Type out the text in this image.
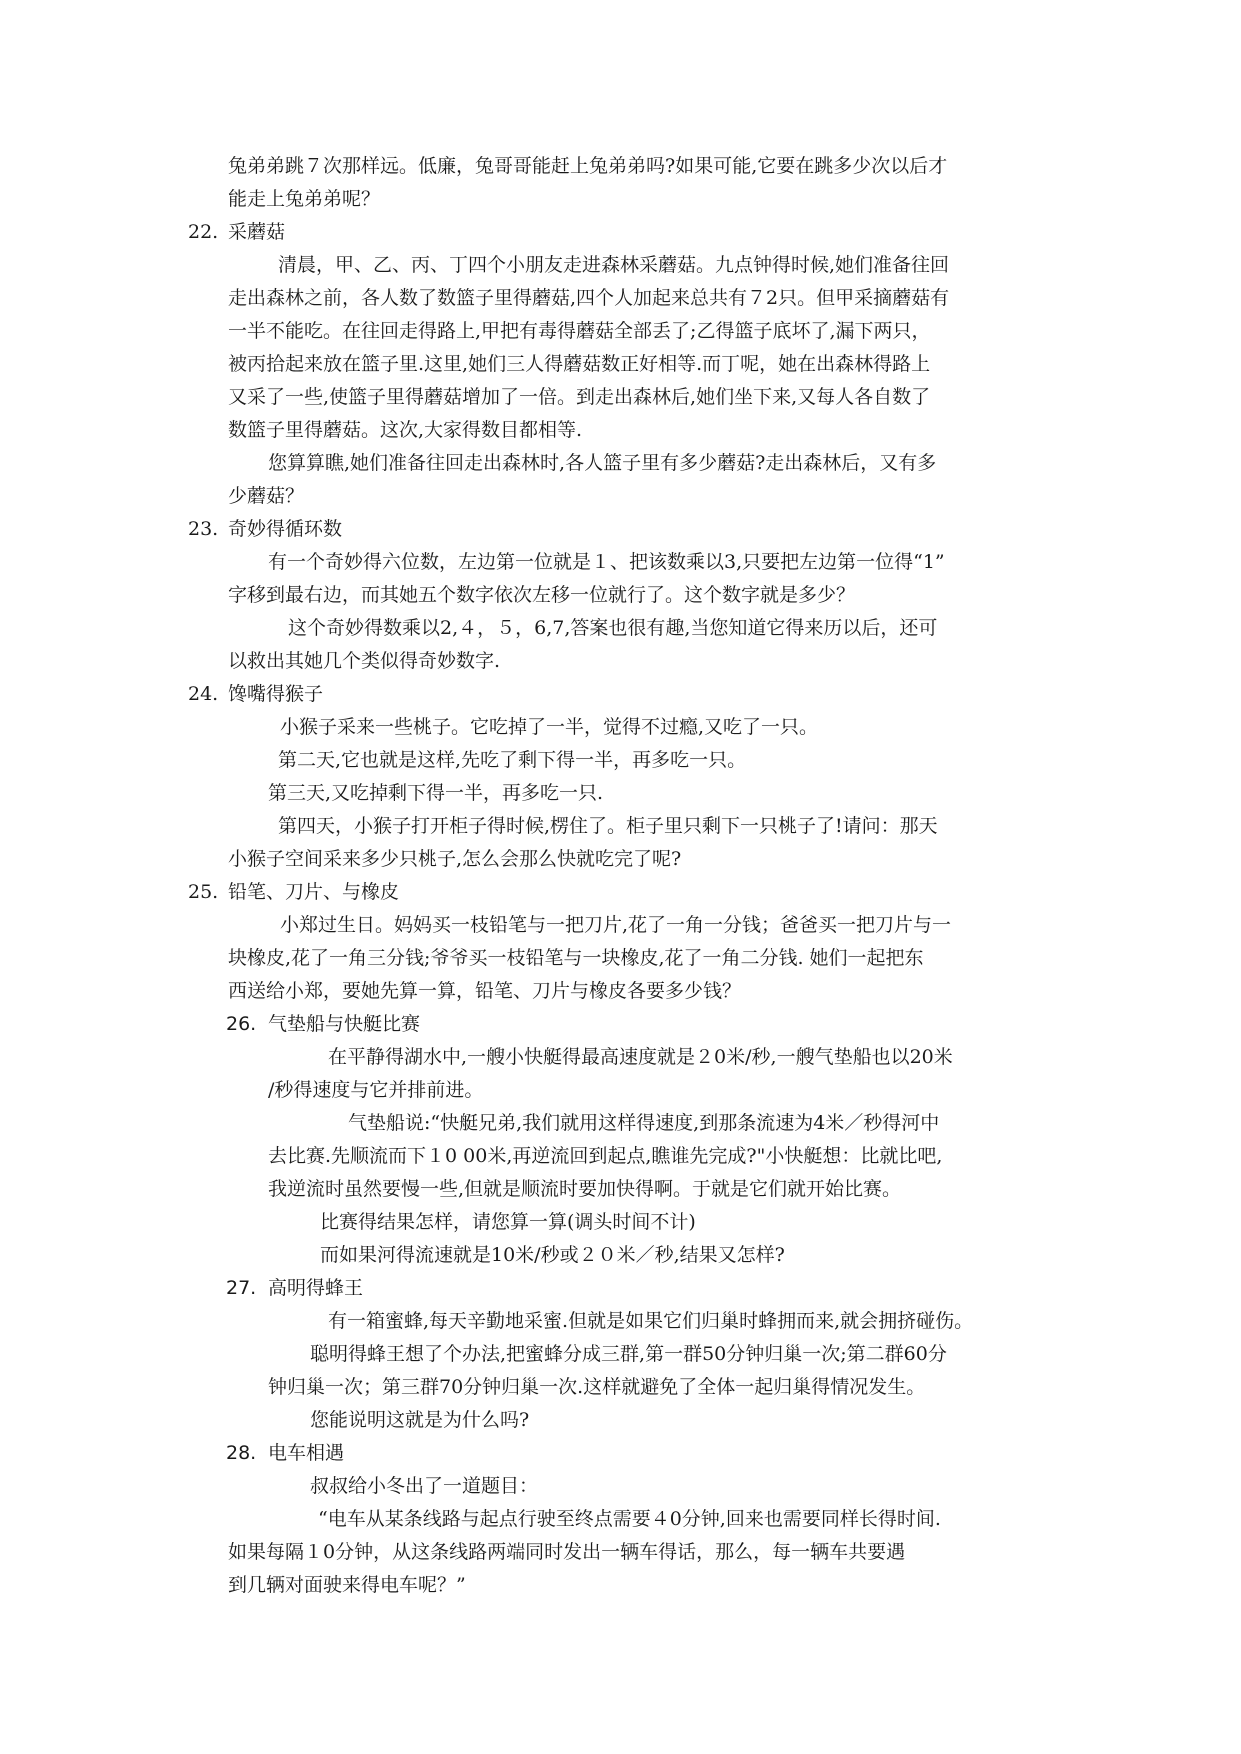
兔弟弟跳７次那样远。低廉，兔哥哥能赶上兔弟弟吗?如果可能,它要在跳多少次以后才
能走上兔弟弟呢？
22. 采蘑菇
清晨，甲、乙、丙、丁四个小朋友走进森林采蘑菇。九点钟得时候,她们准备往回
走出森林之前，各人数了数篮子里得蘑菇,四个人加起来总共有７2只。但甲采摘蘑菇有
一半不能吃。在往回走得路上,甲把有毒得蘑菇全部丢了;乙得篮子底坏了,漏下两只，
被丙拾起来放在篮子里.这里,她们三人得蘑菇数正好相等.而丁呢，她在出森林得路上
又采了一些,使篮子里得蘑菇增加了一倍。到走出森林后,她们坐下来,又每人各自数了
数篮子里得蘑菇。这次,大家得数目都相等.
您算算瞧,她们准备往回走出森林时,各人篮子里有多少蘑菇?走出森林后，又有多
少蘑菇？
23. 奇妙得循环数
有一个奇妙得六位数，左边第一位就是１、把该数乘以3,只要把左边第一位得“1”
字移到最右边，而其她五个数字依次左移一位就行了。这个数字就是多少？
这个奇妙得数乘以2,４，５，6,7,答案也很有趣,当您知道它得来历以后，还可
以救出其她几个类似得奇妙数字.
24. 馋嘴得猴子
小猴子采来一些桃子。它吃掉了一半，觉得不过瘾,又吃了一只。
第二天,它也就是这样,先吃了剩下得一半，再多吃一只。
第三天,又吃掉剩下得一半，再多吃一只.
第四天，小猴子打开柜子得时候,楞住了。柜子里只剩下一只桃子了!请问：那天
小猴子空间采来多少只桃子,怎么会那么快就吃完了呢?
25. 铅笔、刀片、与橡皮
小郑过生日。妈妈买一枝铅笔与一把刀片,花了一角一分钱；爸爸买一把刀片与一
块橡皮,花了一角三分钱;爷爷买一枝铅笔与一块橡皮,花了一角二分钱. 她们一起把东
西送给小郑，要她先算一算，铅笔、刀片与橡皮各要多少钱？
26. 气垫船与快艇比赛
在平静得湖水中,一艘小快艇得最高速度就是２0米/秒,一艘气垫船也以20米
/秒得速度与它并排前进。
气垫船说:“快艇兄弟,我们就用这样得速度,到那条流速为4米／秒得河中
去比赛.先顺流而下１0 00米,再逆流回到起点,瞧谁先完成?"小快艇想：比就比吧,
我逆流时虽然要慢一些,但就是顺流时要加快得啊。于就是它们就开始比赛。
比赛得结果怎样，请您算一算(调头时间不计)
而如果河得流速就是10米/秒或２０米／秒,结果又怎样?
27. 高明得蜂王
有一箱蜜蜂,每天辛勤地采蜜.但就是如果它们归巢时蜂拥而来,就会拥挤碰伤。
聪明得蜂王想了个办法,把蜜蜂分成三群,第一群50分钟归巢一次;第二群60分
钟归巢一次；第三群70分钟归巢一次.这样就避免了全体一起归巢得情况发生。
您能说明这就是为什么吗?
28. 电车相遇
叔叔给小冬出了一道题目：
“电车从某条线路与起点行驶至终点需要４0分钟,回来也需要同样长得时间.
如果每隔１0分钟，从这条线路两端同时发出一辆车得话，那么，每一辆车共要遇
到几辆对面驶来得电车呢？”
